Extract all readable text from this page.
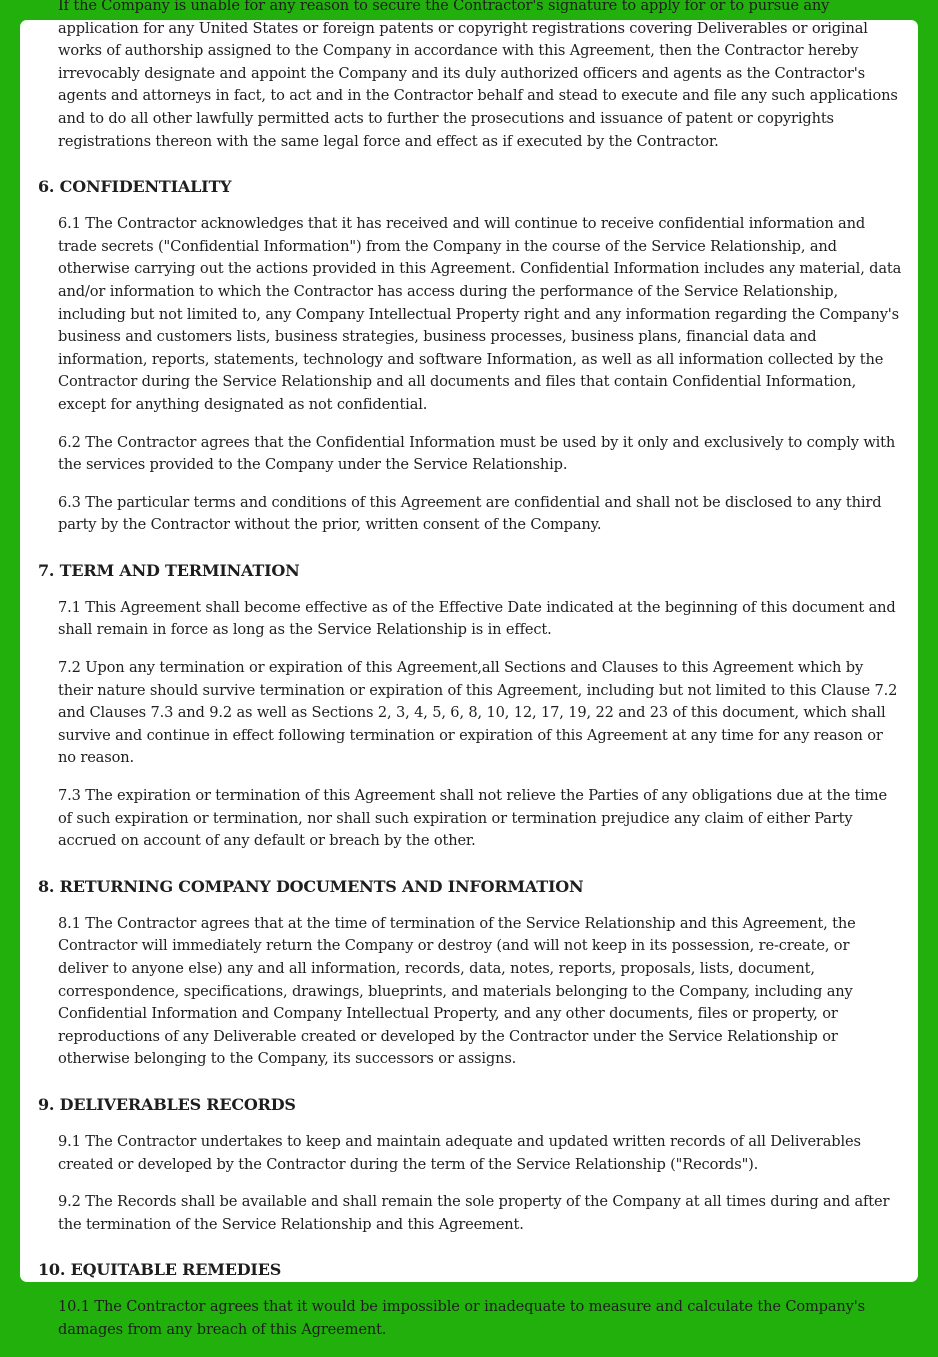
If the Company is unable for any reason to secure the Contractor's signature to apply for or to pursue any application for any United States or foreign patents or copyright registrations covering Deliverables or original works of authorship assigned to the Company in accordance with this Agreement, then the Contractor hereby irrevocably designate and appoint the Company and its duly authorized officers and agents as the Contractor's agents and attorneys in fact, to act and in the Contractor behalf and stead to execute and file any such applications and to do all other lawfully permitted acts to further the prosecutions and issuance of patent or copyrights registrations thereon with the same legal force and effect as if executed by the Contractor.

6. CONFIDENTIALITY

6.1 The Contractor acknowledges that it has received and will continue to receive confidential information and trade secrets ("Confidential Information") from the Company in the course of the Service Relationship, and otherwise carrying out the actions provided in this Agreement. Confidential Information includes any material, data and/or information to which the Contractor has access during the performance of the Service Relationship, including but not limited to, any Company Intellectual Property right and any information regarding the Company's business and customers lists, business strategies, business processes, business plans, financial data and information, reports, statements, technology and software Information, as well as all information collected by the Contractor during the Service Relationship and all documents and files that contain Confidential Information, except for anything designated as not confidential.

6.2 The Contractor agrees that the Confidential Information must be used by it only and exclusively to comply with the services provided to the Company under the Service Relationship.

6.3 The particular terms and conditions of this Agreement are confidential and shall not be disclosed to any third party by the Contractor without the prior, written consent of the Company.

7. TERM AND TERMINATION

7.1 This Agreement shall become effective as of the Effective Date indicated at the beginning of this document and shall remain in force as long as the Service Relationship is in effect.

7.2 Upon any termination or expiration of this Agreement,all Sections and Clauses to this Agreement which by their nature should survive termination or expiration of this Agreement, including but not limited to this Clause 7.2 and Clauses 7.3 and 9.2 as well as Sections 2, 3, 4, 5, 6, 8, 10, 12, 17, 19, 22 and 23 of this document, which shall survive and continue in effect following termination or expiration of this Agreement at any time for any reason or no reason.

7.3 The expiration or termination of this Agreement shall not relieve the Parties of any obligations due at the time of such expiration or termination, nor shall such expiration or termination prejudice any claim of either Party accrued on account of any default or breach by the other.

8. RETURNING COMPANY DOCUMENTS AND INFORMATION

8.1 The Contractor agrees that at the time of termination of the Service Relationship and this Agreement, the Contractor will immediately return the Company or destroy (and will not keep in its possession, re-create, or deliver to anyone else) any and all information, records, data, notes, reports, proposals, lists, document, correspondence, specifications, drawings, blueprints, and materials belonging to the Company, including any Confidential Information and Company Intellectual Property, and any other documents, files or property, or reproductions of any Deliverable created or developed by the Contractor under the Service Relationship or otherwise belonging to the Company, its successors or assigns.

9. DELIVERABLES RECORDS

9.1 The Contractor undertakes to keep and maintain adequate and updated written records of all Deliverables created or developed by the Contractor during the term of the Service Relationship ("Records").

9.2 The Records shall be available and shall remain the sole property of the Company at all times during and after the termination of the Service Relationship and this Agreement.

10. EQUITABLE REMEDIES

10.1 The Contractor agrees that it would be impossible or inadequate to measure and calculate the Company's damages from any breach of this Agreement.
